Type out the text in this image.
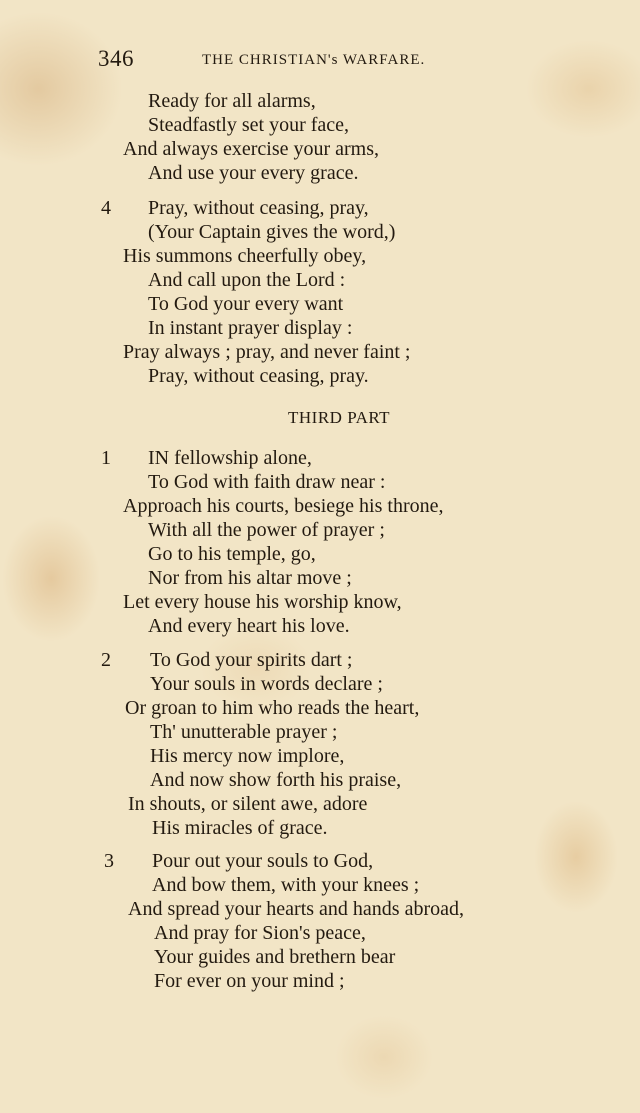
346	THE CHRISTIAN's WARFARE.
Ready for all alarms,
Steadfastly set your face,
And always exercise your arms,
And use your every grace.
4 Pray, without ceasing, pray,
(Your Captain gives the word,)
His summons cheerfully obey,
And call upon the Lord :
To God your every want
In instant prayer display :
Pray always ; pray, and never faint ;
Pray, without ceasing, pray.
THIRD PART
1 IN fellowship alone,
To God with faith draw near :
Approach his courts, besiege his throne,
With all the power of prayer ;
Go to his temple, go,
Nor from his altar move ;
Let every house his worship know,
And every heart his love.
2 To God your spirits dart ;
Your souls in words declare ;
Or groan to him who reads the heart,
Th' unutterable prayer ;
His mercy now implore,
And now show forth his praise,
In shouts, or silent awe, adore
His miracles of grace.
3 Pour out your souls to God,
And bow them, with your knees ;
And spread your hearts and hands abroad,
And pray for Sion's peace,
Your guides and brethern bear
For ever on your mind ;
